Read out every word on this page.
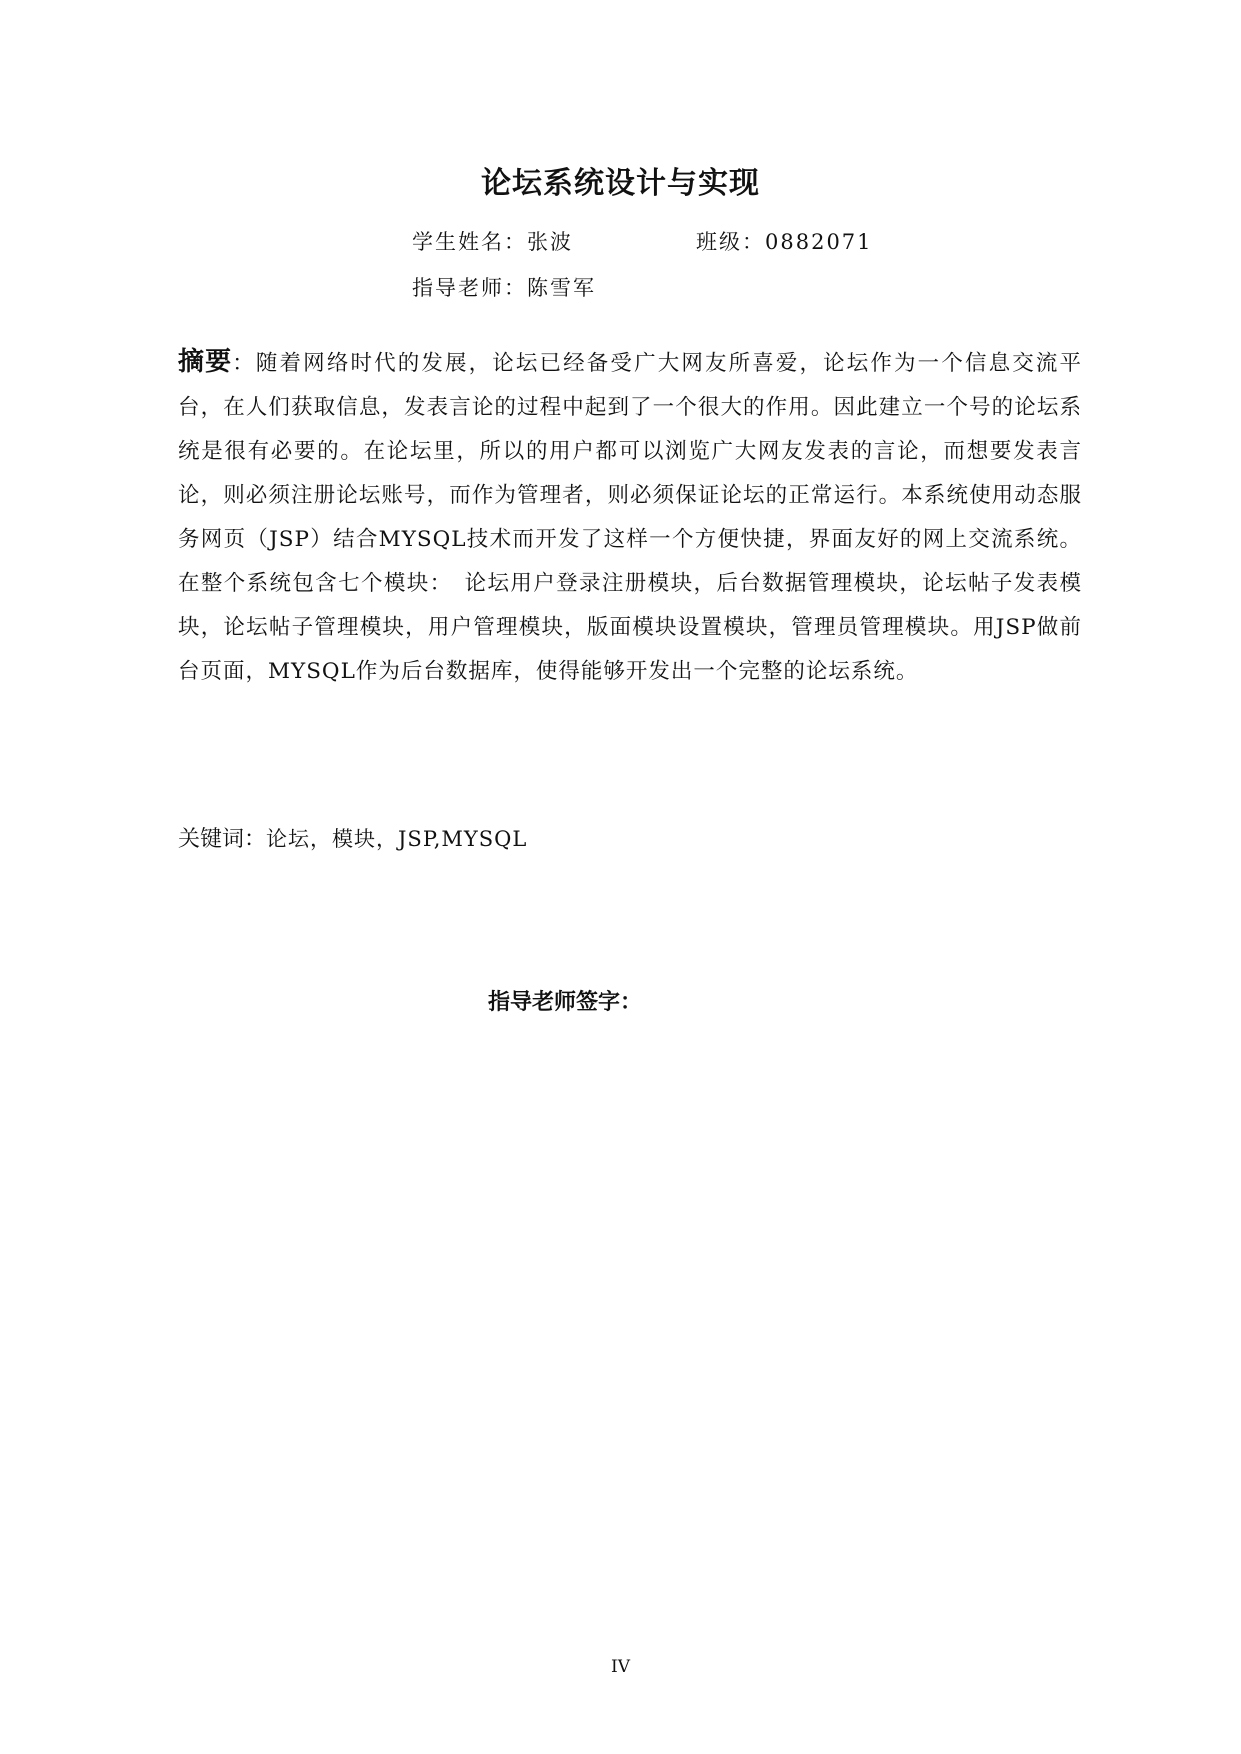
论坛系统设计与实现
学生姓名：张波	班级：0882071
指导老师：陈雪军
摘要：随着网络时代的发展，论坛已经备受广大网友所喜爱，论坛作为一个信息交流平台，在人们获取信息，发表言论的过程中起到了一个很大的作用。因此建立一个号的论坛系统是很有必要的。在论坛里，所以的用户都可以浏览广大网友发表的言论，而想要发表言论，则必须注册论坛账号，而作为管理者，则必须保证论坛的正常运行。本系统使用动态服务网页（JSP）结合MYSQL技术而开发了这样一个方便快捷，界面友好的网上交流系统。在整个系统包含七个模块：　论坛用户登录注册模块，后台数据管理模块，论坛帖子发表模块，论坛帖子管理模块，用户管理模块，版面模块设置模块，管理员管理模块。用JSP做前台页面，MYSQL作为后台数据库，使得能够开发出一个完整的论坛系统。
关键词：论坛，模块，JSP,MYSQL
指导老师签字：
IV
